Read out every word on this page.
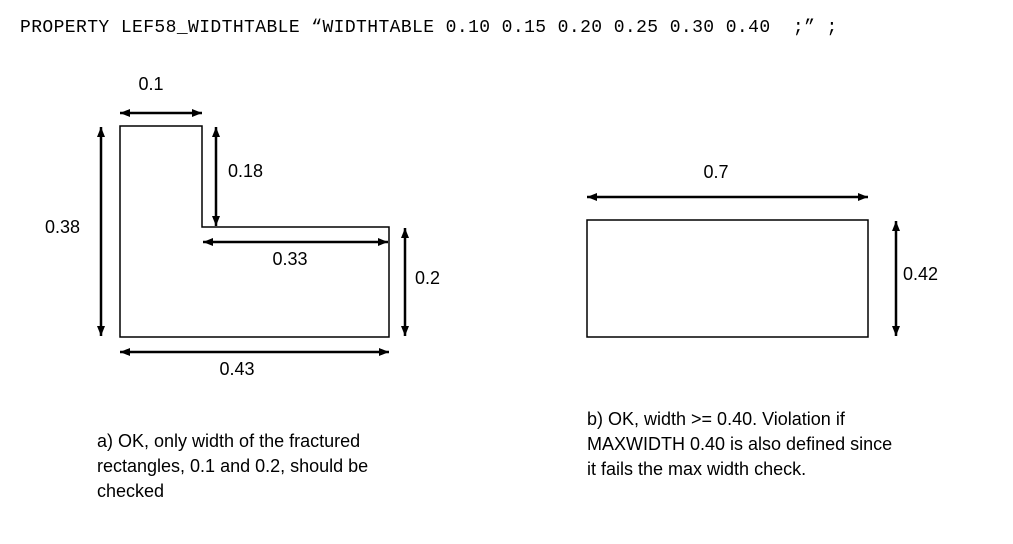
PROPERTY LEF58_WIDTHTABLE “WIDTHTABLE 0.10 0.15 0.20 0.25 0.30 0.40  ;” ;
0.1
0.18
0.38
0.33
0.2
0.43
0.7
0.42
a) OK, only width of the fractured
rectangles, 0.1 and 0.2, should be
checked
b) OK, width >= 0.40. Violation if
MAXWIDTH 0.40 is also defined since
it fails the max width check.
